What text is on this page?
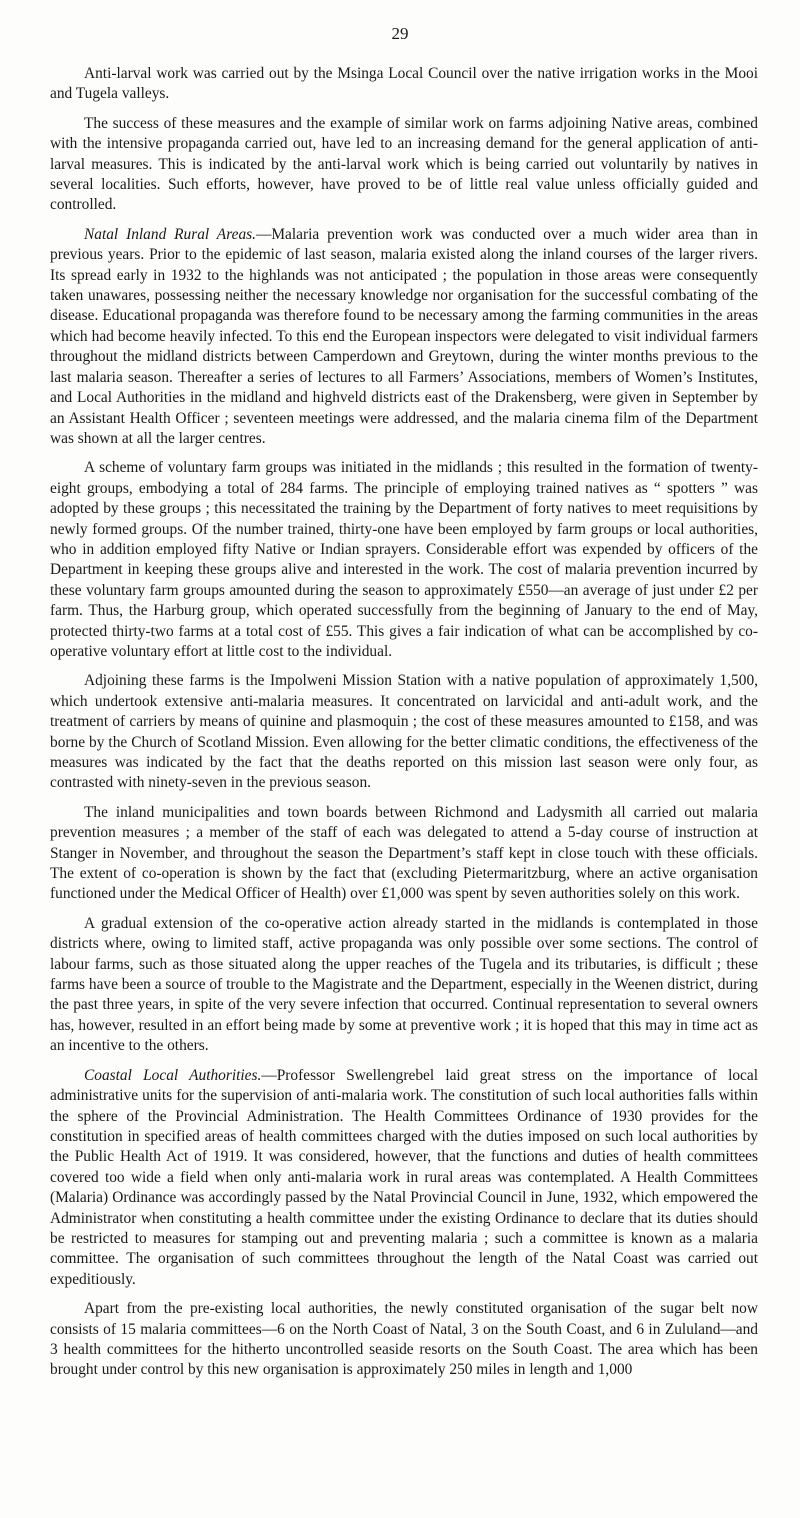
29

Anti-larval work was carried out by the Msinga Local Council over the native irrigation works in the Mooi and Tugela valleys.

The success of these measures and the example of similar work on farms adjoining Native areas, combined with the intensive propaganda carried out, have led to an increasing demand for the general application of anti-larval measures. This is indicated by the anti-larval work which is being carried out voluntarily by natives in several localities. Such efforts, however, have proved to be of little real value unless officially guided and controlled.

Natal Inland Rural Areas.—Malaria prevention work was conducted over a much wider area than in previous years. Prior to the epidemic of last season, malaria existed along the inland courses of the larger rivers. Its spread early in 1932 to the highlands was not anticipated ; the population in those areas were consequently taken unawares, possessing neither the necessary knowledge nor organisation for the successful combating of the disease. Educational propaganda was therefore found to be necessary among the farming communities in the areas which had become heavily infected. To this end the European inspectors were delegated to visit individual farmers throughout the midland districts between Camperdown and Greytown, during the winter months previous to the last malaria season. Thereafter a series of lectures to all Farmers’ Associations, members of Women’s Institutes, and Local Authorities in the midland and highveld districts east of the Drakensberg, were given in September by an Assistant Health Officer ; seventeen meetings were addressed, and the malaria cinema film of the Department was shown at all the larger centres.

A scheme of voluntary farm groups was initiated in the midlands ; this resulted in the formation of twenty-eight groups, embodying a total of 284 farms. The principle of employing trained natives as “ spotters ” was adopted by these groups ; this necessitated the training by the Department of forty natives to meet requisitions by newly formed groups. Of the number trained, thirty-one have been employed by farm groups or local authorities, who in addition employed fifty Native or Indian sprayers. Considerable effort was expended by officers of the Department in keeping these groups alive and interested in the work. The cost of malaria prevention incurred by these voluntary farm groups amounted during the season to approximately £550—an average of just under £2 per farm. Thus, the Harburg group, which operated successfully from the beginning of January to the end of May, protected thirty-two farms at a total cost of £55. This gives a fair indication of what can be accomplished by co-operative voluntary effort at little cost to the individual.

Adjoining these farms is the Impolweni Mission Station with a native population of approximately 1,500, which undertook extensive anti-malaria measures. It concentrated on larvicidal and anti-adult work, and the treatment of carriers by means of quinine and plasmoquin ; the cost of these measures amounted to £158, and was borne by the Church of Scotland Mission. Even allowing for the better climatic conditions, the effectiveness of the measures was indicated by the fact that the deaths reported on this mission last season were only four, as contrasted with ninety-seven in the previous season.

The inland municipalities and town boards between Richmond and Ladysmith all carried out malaria prevention measures ; a member of the staff of each was delegated to attend a 5-day course of instruction at Stanger in November, and throughout the season the Department’s staff kept in close touch with these officials. The extent of co-operation is shown by the fact that (excluding Pietermaritzburg, where an active organisation functioned under the Medical Officer of Health) over £1,000 was spent by seven authorities solely on this work.

A gradual extension of the co-operative action already started in the midlands is contemplated in those districts where, owing to limited staff, active propaganda was only possible over some sections. The control of labour farms, such as those situated along the upper reaches of the Tugela and its tributaries, is difficult ; these farms have been a source of trouble to the Magistrate and the Department, especially in the Weenen district, during the past three years, in spite of the very severe infection that occurred. Continual representation to several owners has, however, resulted in an effort being made by some at preventive work ; it is hoped that this may in time act as an incentive to the others.

Coastal Local Authorities.—Professor Swellengrebel laid great stress on the importance of local administrative units for the supervision of anti-malaria work. The constitution of such local authorities falls within the sphere of the Provincial Administration. The Health Committees Ordinance of 1930 provides for the constitution in specified areas of health committees charged with the duties imposed on such local authorities by the Public Health Act of 1919. It was considered, however, that the functions and duties of health committees covered too wide a field when only anti-malaria work in rural areas was contemplated. A Health Committees (Malaria) Ordinance was accordingly passed by the Natal Provincial Council in June, 1932, which empowered the Administrator when constituting a health committee under the existing Ordinance to declare that its duties should be restricted to measures for stamping out and preventing malaria ; such a committee is known as a malaria committee. The organisation of such committees throughout the length of the Natal Coast was carried out expeditiously.

Apart from the pre-existing local authorities, the newly constituted organisation of the sugar belt now consists of 15 malaria committees—6 on the North Coast of Natal, 3 on the South Coast, and 6 in Zululand—and 3 health committees for the hitherto uncontrolled seaside resorts on the South Coast. The area which has been brought under control by this new organisation is approximately 250 miles in length and 1,000
